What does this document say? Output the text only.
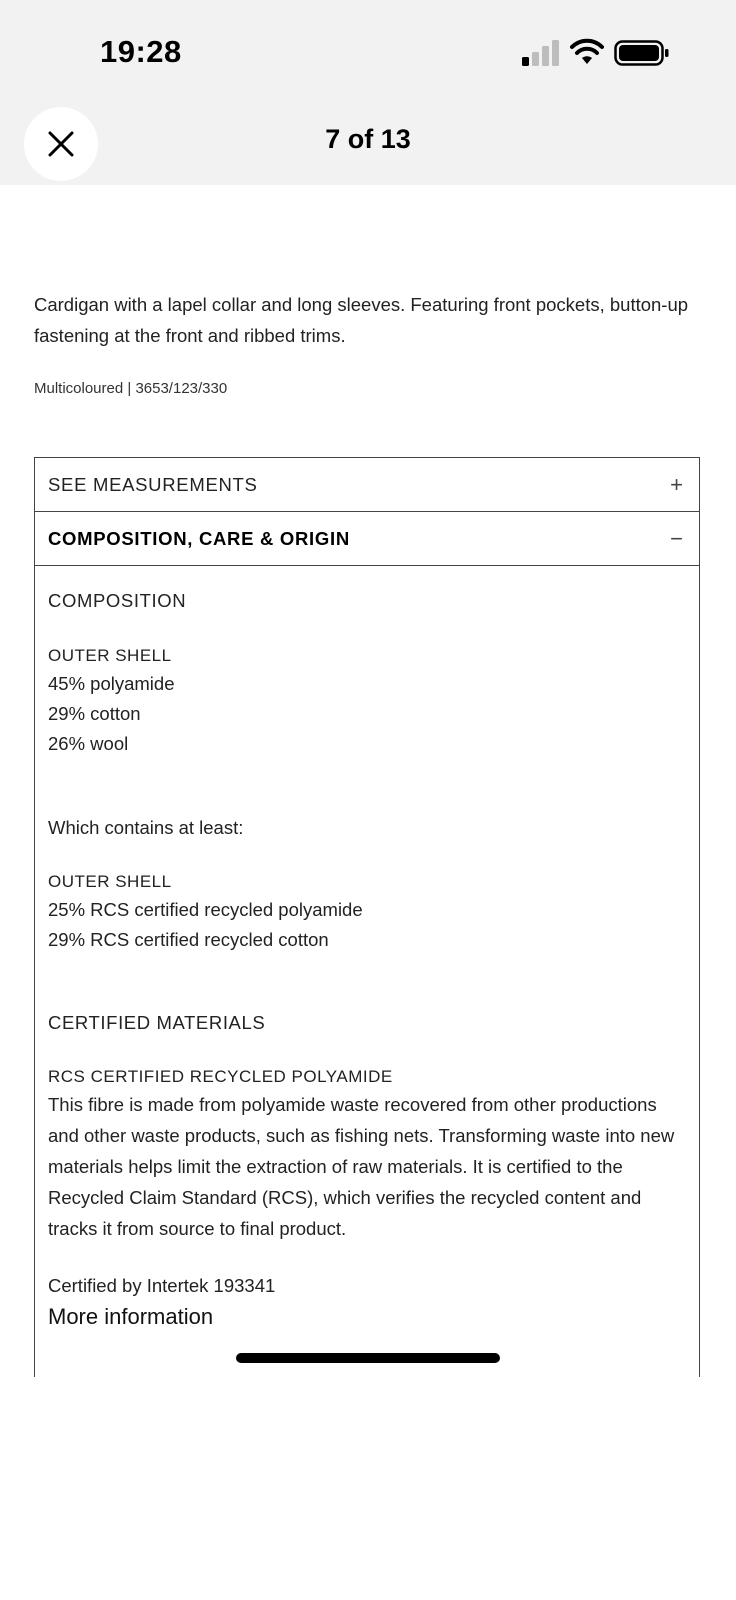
19:28
7 of 13
Cardigan with a lapel collar and long sleeves. Featuring front pockets, button-up fastening at the front and ribbed trims.
Multicoloured | 3653/123/330
SEE MEASUREMENTS	+
COMPOSITION, CARE & ORIGIN	−
COMPOSITION
OUTER SHELL
45% polyamide
29% cotton
26% wool
Which contains at least:
OUTER SHELL
25% RCS certified recycled polyamide
29% RCS certified recycled cotton
CERTIFIED MATERIALS
RCS CERTIFIED RECYCLED POLYAMIDE
This fibre is made from polyamide waste recovered from other productions and other waste products, such as fishing nets. Transforming waste into new materials helps limit the extraction of raw materials. It is certified to the Recycled Claim Standard (RCS), which verifies the recycled content and tracks it from source to final product.
Certified by Intertek 193341
More information
